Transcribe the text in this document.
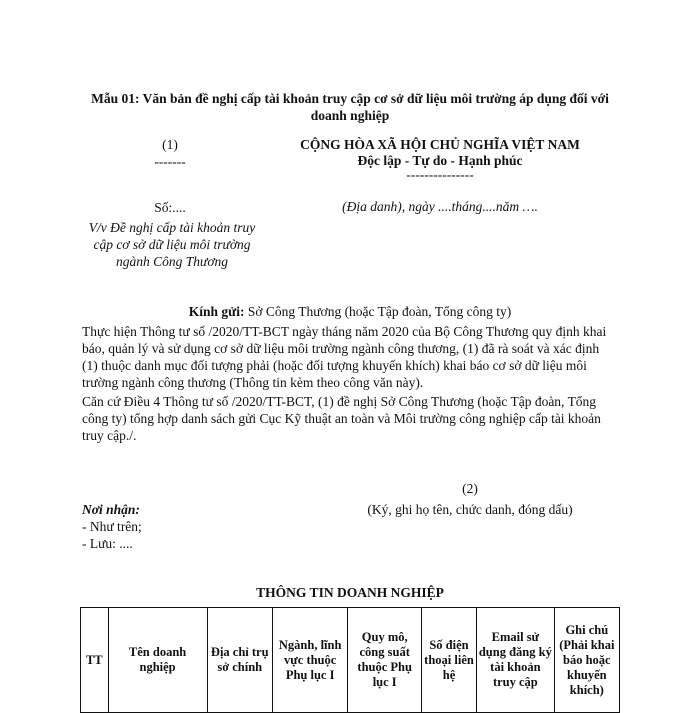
Mẫu 01: Văn bản đề nghị cấp tài khoản truy cập cơ sở dữ liệu môi trường áp dụng đối với doanh nghiệp
(1)
-------
Số:....
V/v Đề nghị cấp tài khoản truy cập cơ sở dữ liệu môi trường ngành Công Thương
CỘNG HÒA XÃ HỘI CHỦ NGHĨA VIỆT NAM
Độc lập - Tự do - Hạnh phúc
---------------
(Địa danh), ngày ....tháng....năm ….
Kính gửi: Sở Công Thương (hoặc Tập đoàn, Tổng công ty)
Thực hiện Thông tư số /2020/TT-BCT ngày tháng năm 2020 của Bộ Công Thương quy định khai báo, quản lý và sử dụng cơ sở dữ liệu môi trường ngành công thương, (1) đã rà soát và xác định (1) thuộc danh mục đối tượng phải (hoặc đối tượng khuyến khích) khai báo cơ sở dữ liệu môi trường ngành công thương (Thông tin kèm theo công văn này).
Căn cứ Điều 4 Thông tư số /2020/TT-BCT, (1) đề nghị Sở Công Thương (hoặc Tập đoàn, Tổng công ty) tổng hợp danh sách gửi Cục Kỹ thuật an toàn và Môi trường công nghiệp cấp tài khoản truy cập./.
(2)
(Ký, ghi họ tên, chức danh, đóng dấu)
Nơi nhận:
- Như trên;
- Lưu: ....
THÔNG TIN DOANH NGHIỆP
TT	Tên doanh nghiệp	Địa chỉ trụ sở chính	Ngành, lĩnh vực thuộc Phụ lục I	Quy mô, công suất thuộc Phụ lục I	Số điện thoại liên hệ	Email sử dụng đăng ký tài khoản truy cập	Ghi chú (Phải khai báo hoặc khuyến khích)
